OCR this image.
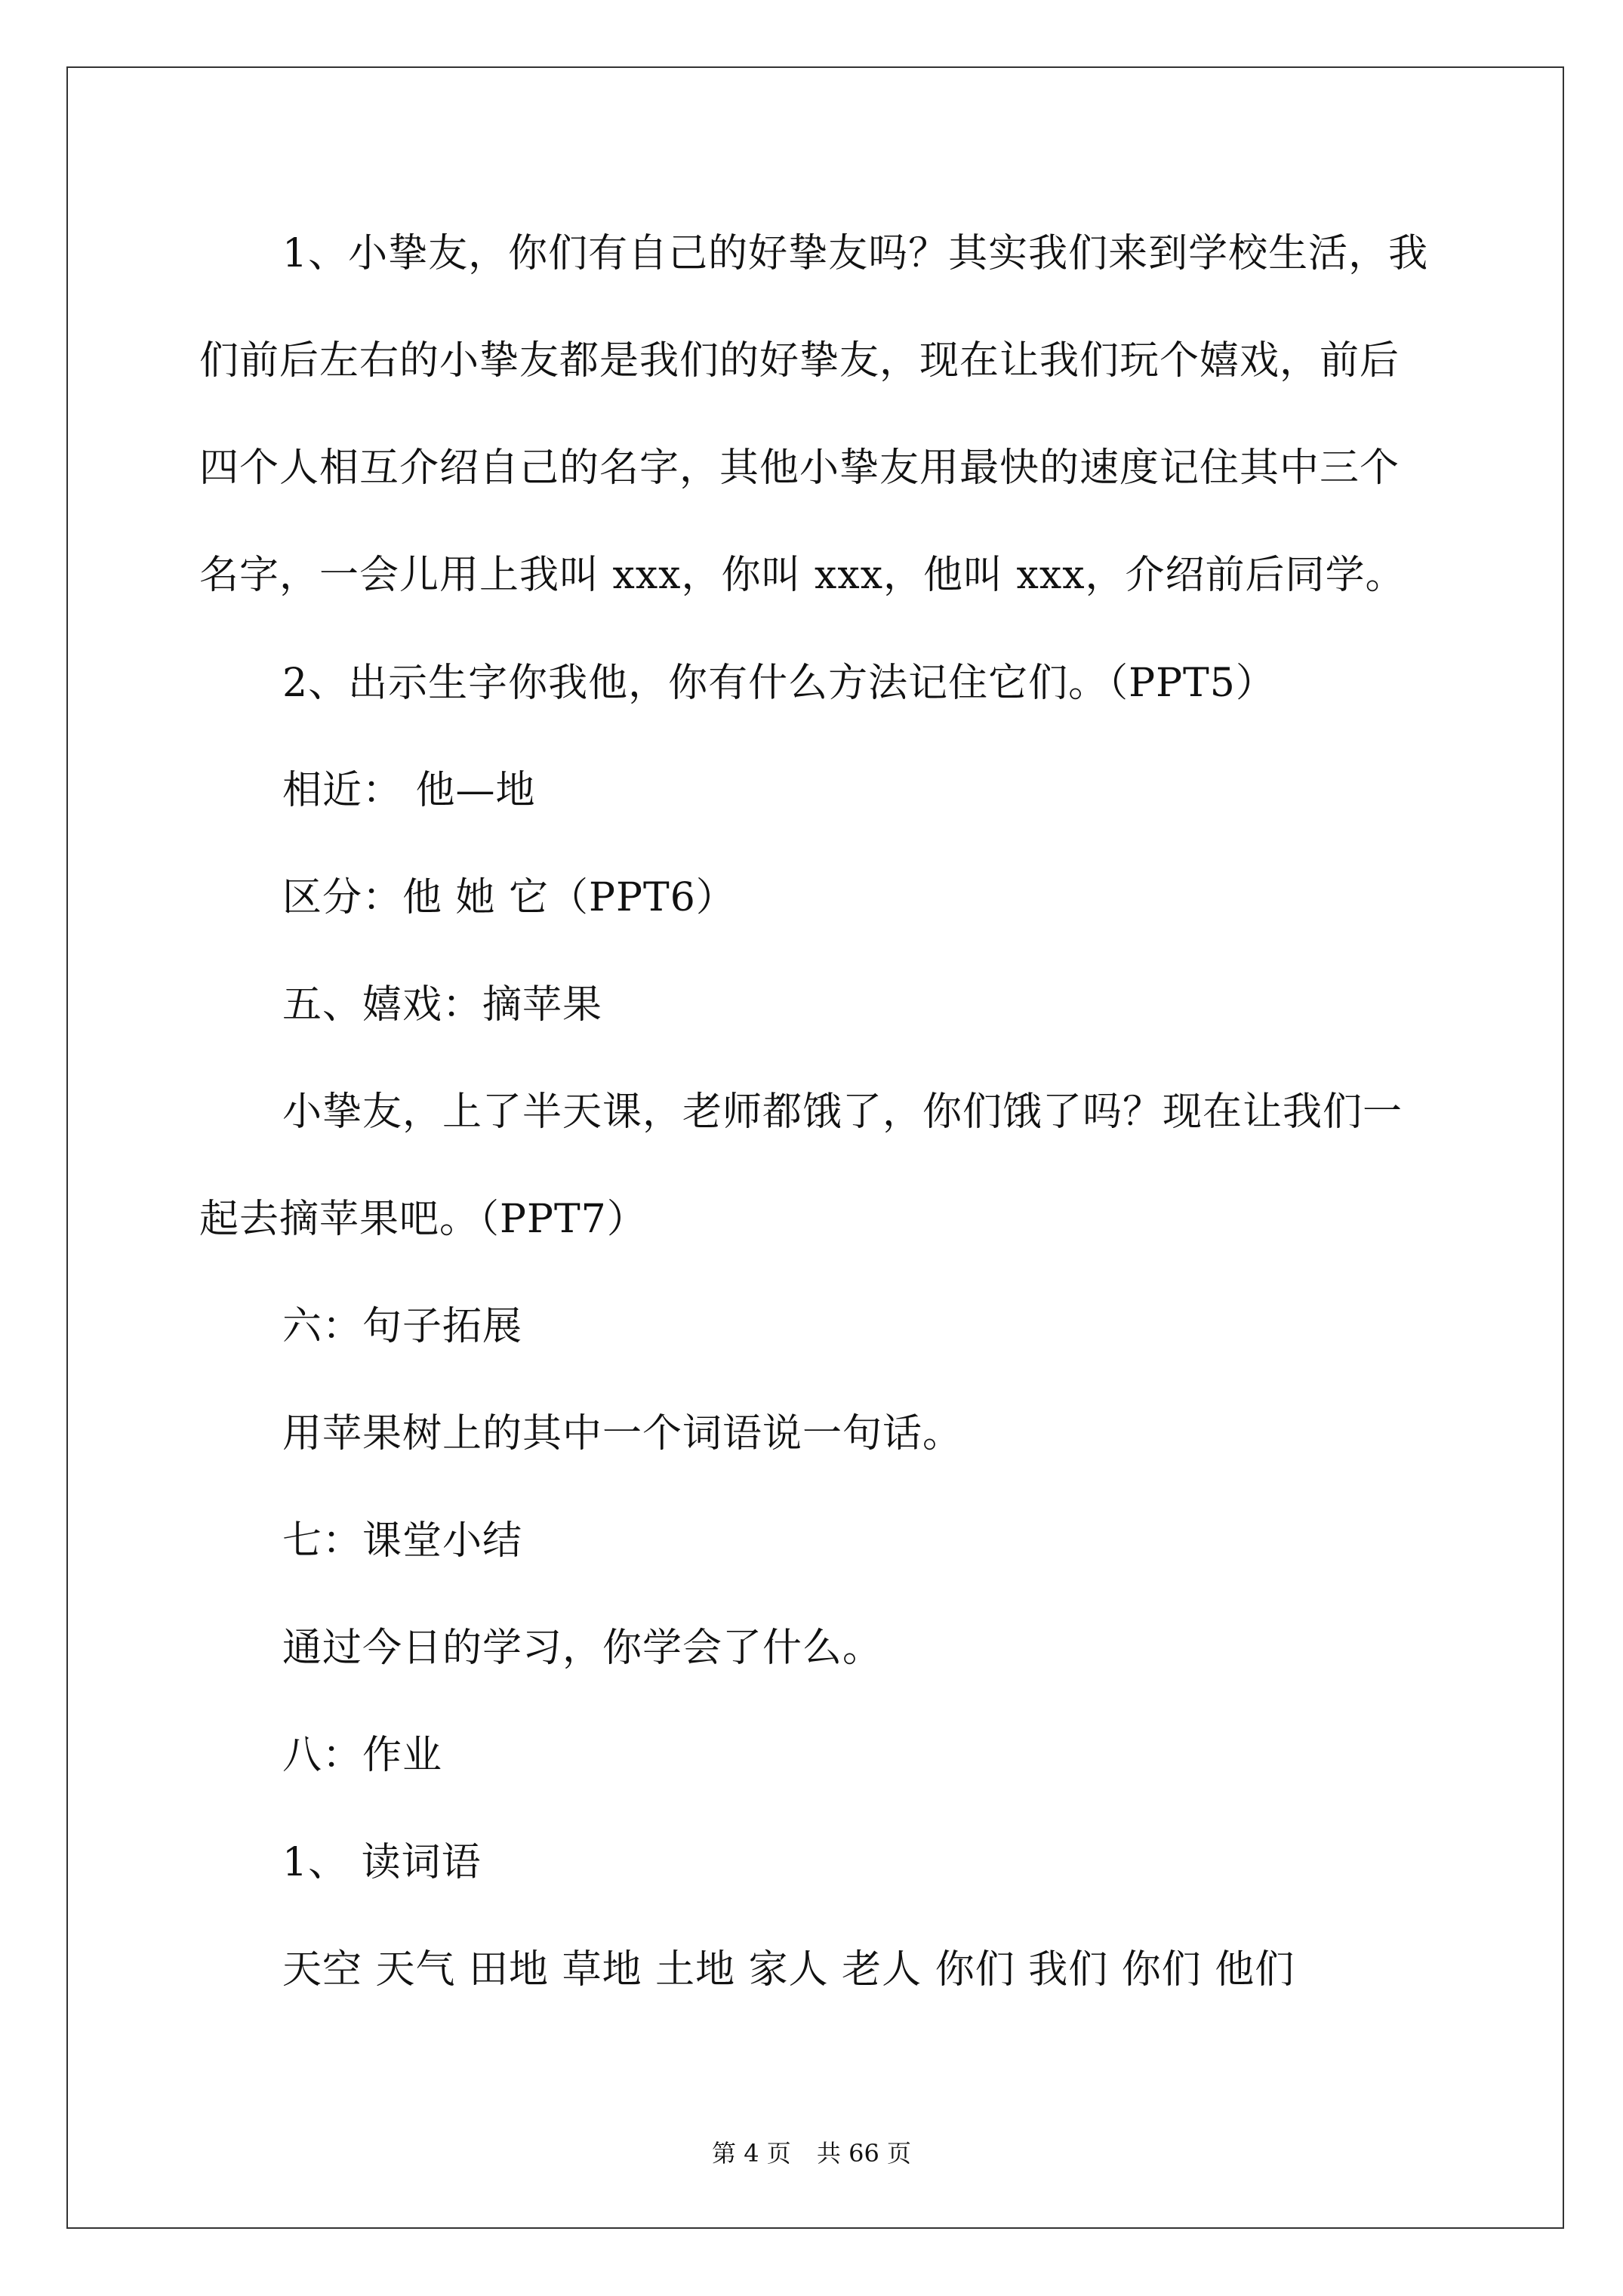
1、小挚友，你们有自己的好挚友吗？其实我们来到学校生活，我

们前后左右的小挚友都是我们的好挚友，现在让我们玩个嬉戏，前后

四个人相互介绍自己的名字，其他小挚友用最快的速度记住其中三个

名字，一会儿用上我叫 xxx，你叫 xxx，他叫 xxx，介绍前后同学。

2、出示生字你我他，你有什么方法记住它们。（PPT5）

相近： 他—地

区分：他 她 它（PPT6）

五、嬉戏：摘苹果

小挚友，上了半天课，老师都饿了，你们饿了吗？现在让我们一

起去摘苹果吧。（PPT7）

六：句子拓展

用苹果树上的其中一个词语说一句话。

七：课堂小结

通过今日的学习，你学会了什么。

八：作业

1、 读词语

天空 天气 田地 草地 土地 家人 老人 你们 我们 你们 他们

第 4 页 共 66 页
